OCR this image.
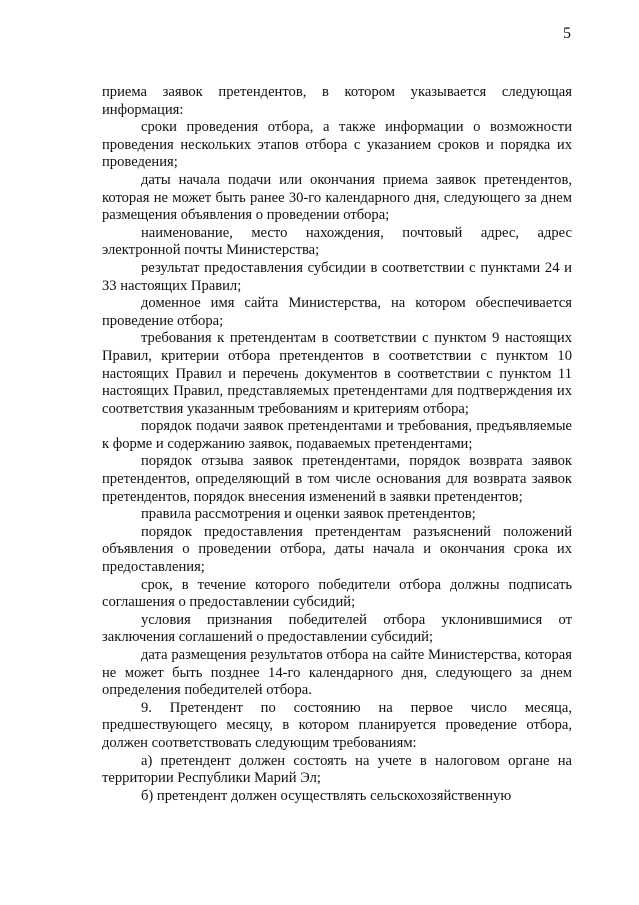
5

приема заявок претендентов, в котором указывается следующая информация:

сроки проведения отбора, а также информации о возможности проведения нескольких этапов отбора с указанием сроков и порядка их проведения;

даты начала подачи или окончания приема заявок претендентов, которая не может быть ранее 30-го календарного дня, следующего за днем размещения объявления о проведении отбора;

наименование, место нахождения, почтовый адрес, адрес электронной почты Министерства;

результат предоставления субсидии в соответствии с пунктами 24 и 33 настоящих Правил;

доменное имя сайта Министерства, на котором обеспечивается проведение отбора;

требования к претендентам в соответствии с пунктом 9 настоящих Правил, критерии отбора претендентов в соответствии с пунктом 10 настоящих Правил и перечень документов в соответствии с пунктом 11 настоящих Правил, представляемых претендентами для подтверждения их соответствия указанным требованиям и критериям отбора;

порядок подачи заявок претендентами и требования, предъявляемые к форме и содержанию заявок, подаваемых претендентами;

порядок отзыва заявок претендентами, порядок возврата заявок претендентов, определяющий в том числе основания для возврата заявок претендентов, порядок внесения изменений в заявки претендентов;

правила рассмотрения и оценки заявок претендентов;

порядок предоставления претендентам разъяснений положений объявления о проведении отбора, даты начала и окончания срока их предоставления;

срок, в течение которого победители отбора должны подписать соглашения о предоставлении субсидий;

условия признания победителей отбора уклонившимися от заключения соглашений о предоставлении субсидий;

дата размещения результатов отбора на сайте Министерства, которая не может быть позднее 14-го календарного дня, следующего за днем определения победителей отбора.

9. Претендент по состоянию на первое число месяца, предшествующего месяцу, в котором планируется проведение отбора, должен соответствовать следующим требованиям:

а) претендент должен состоять на учете в налоговом органе на территории Республики Марий Эл;

б) претендент должен осуществлять сельскохозяйственную
